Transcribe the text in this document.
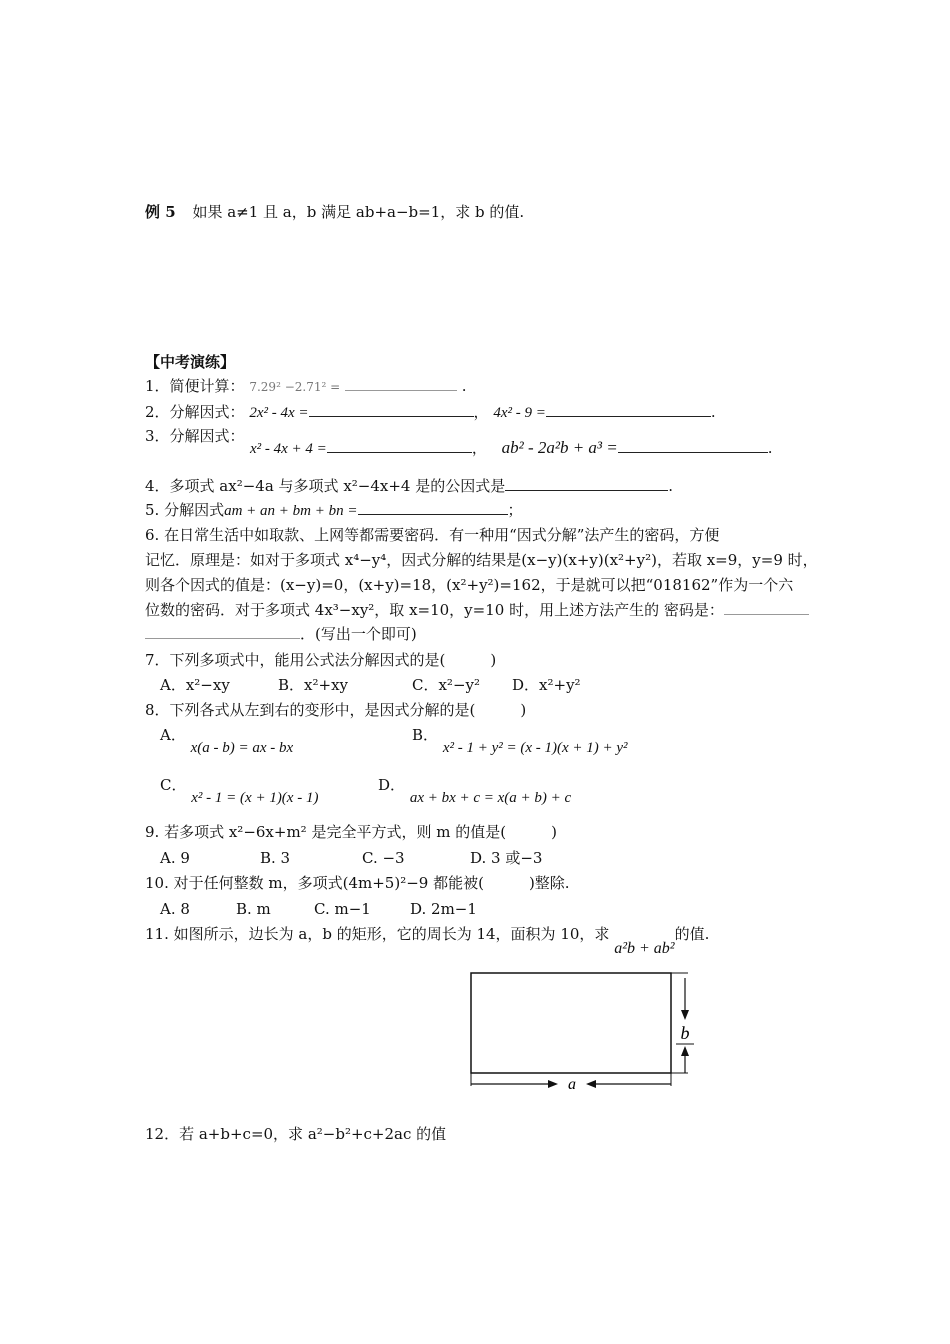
例 5 如果 a≠1 且 a，b 满足 ab+a−b=1，求 b 的值.
【中考演练】
1．简便计算： 7.29² −2.71² =	.
2．分解因式： 2x² - 4x =	， 4x² - 9 =	.
3．分解因式：
x² - 4x + 4 =	， ab² - 2a²b + a³ =	.
4．多项式 ax²−4a 与多项式 x²−4x+4 是的公因式是	.
5. 分解因式am + an + bm + bn =	；
6. 在日常生活中如取款、上网等都需要密码．有一种用“因式分解”法产生的密码，方便
记忆．原理是：如对于多项式 x⁴−y⁴，因式分解的结果是(x−y)(x+y)(x²+y²)，若取 x=9，y=9 时，
则各个因式的值是：(x−y)=0，(x+y)=18，(x²+y²)=162，于是就可以把“018162”作为一个六
位数的密码．对于多项式 4x³−xy²，取 x=10，y=10 时，用上述方法产生的 密码是：
．(写出一个即可)
7．下列多项式中，能用公式法分解因式的是(　　　)
A．x²−xy	B．x²+xy	C．x²−y² D．x²+y²
8．下列各式从左到右的变形中，是因式分解的是(　　　)
A． x(a - b) = ax - bx
B． x² - 1 + y² = (x - 1)(x + 1) + y²
C． x² - 1 = (x + 1)(x - 1)
D． ax + bx + c = x(a + b) + c
9. 若多项式 x²−6x+m² 是完全平方式，则 m 的值是(　　　)
A. 9	B. 3	C. −3	D. 3 或−3
10. 对于任何整数 m，多项式(4m+5)²−9 都能被(　　　)整除.
A. 8	B. m	C. m−1	D. 2m−1
11. 如图所示，边长为 a，b 的矩形，它的周长为 14，面积为 10，求 a²b + ab²的值.
a
b
12．若 a+b+c=0，求 a²−b²+c+2ac 的值
